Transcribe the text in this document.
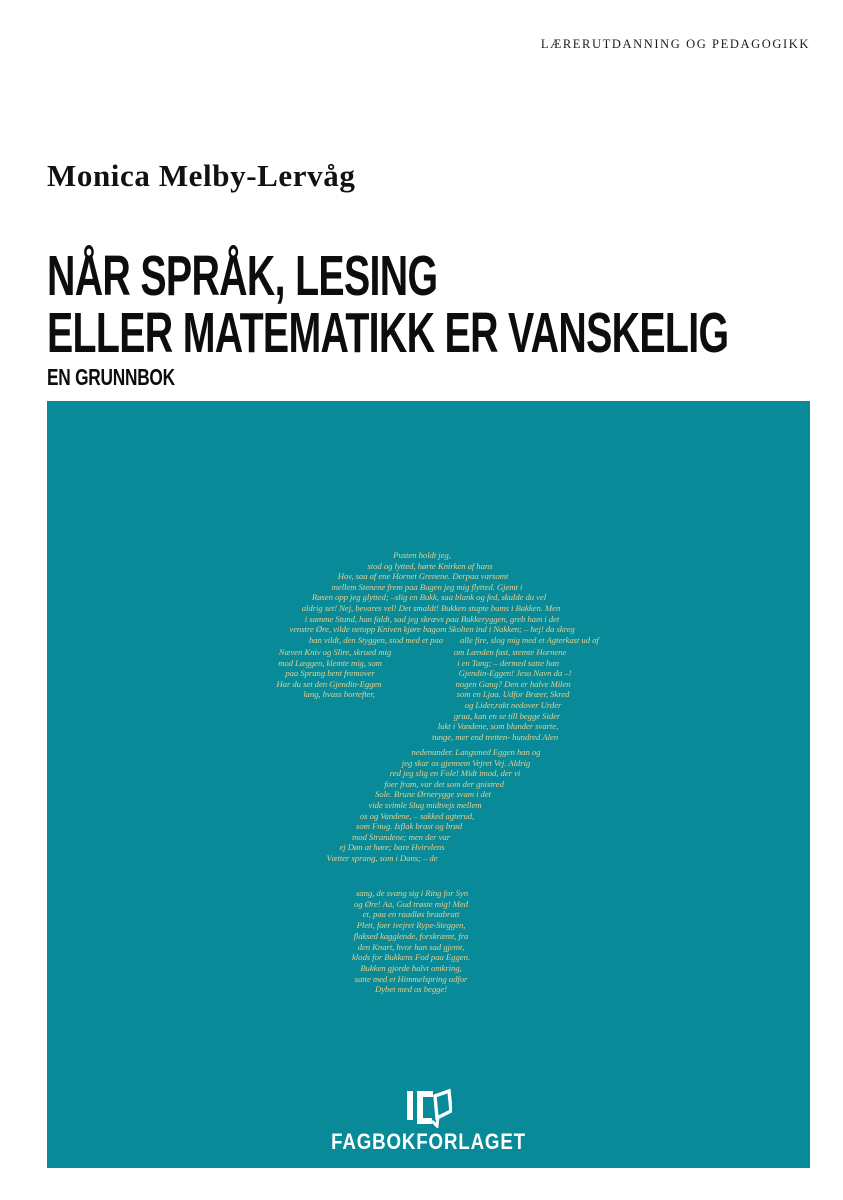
LÆRERUTDANNING OG PEDAGOGIKK
Monica Melby-Lervåg
NÅR SPRÅK, LESING
ELLER MATEMATIKK ER VANSKELIG
EN GRUNNBOK
Pusten holdt jeg,
stod og lytted, hørte Knirken af hans
Hov, saa af ene Hornet Grenene. Derpaa varsomt
mellem Stenene frem paa Bugen jeg mig flytted. Gjemt i
Røsen opp jeg glytted; –slig en Bukk, saa blank og fed, skulde du vel
aldrig set! Nej, bevares vel! Det smaldt! Bukken stupte bums i Bakken. Men
i samme Stund, han faldt, sad jeg skrævs paa Bukkeryggen, greb ham i det
venstre Øre, vilde netopp Kniven kjøre bagom Skolten ind i Nakken; – hej! da skreg
Næven Kniv og Slire, skrued mig
mod Læggen, klemte mig, som
paa Sprang bent fremover
Har du set den Gjendin-Eggen
lang, hvass bortefter,
om Lænden fast, stemte Hornene
i en Tang; – dermed satte han
Gjendin-Eggen! Jesu Navn da –!
nogen Gang? Den er halve Milen
som en Ljaa. Udfor Bræer, Skred
og Lider,rakt nedover Urder
graa, kan en se till begge Sider
lukt i Vandene, som blunder svarte,
tunge, mer end tretten- hundred Alen
nedenunder. Langsmed Eggen han og
jeg skar os gjennem Vejret Vej. Aldrig
red jeg slig en Fole! Midt imod, der vi
foer fram, var det som der gnistred
Sole. Brune Ørnerygge svam i det
vide svimle Slug midtvejs mellem
os og Vandene, – sakked agterud,
som Fnug. Isflak brast og brød
mod Strandene; men der var
ej Døn at høre; bare Hvirvlens
Vætter sprang, som i Dans; – de
sang, de svang sig i Ring for Syn
og Øre! Aa, Gud trøste mig! Med
et, paa en raadløs braabratt
Plett, foer ivejret Rype-Steggen,
flaksed kagglende, forskræmt, fra
den Knart, hvor han sad gjemt,
klods for Bukkens Fod paa Eggen.
Bukken gjorde halvt omkring,
satte med et Himmelspring udfor
Dybet med os begge!
han vildt, den Styggen, stod med et paa alle fire, slog mig med et Agterkast ud af
FAGBOKFORLAGET
